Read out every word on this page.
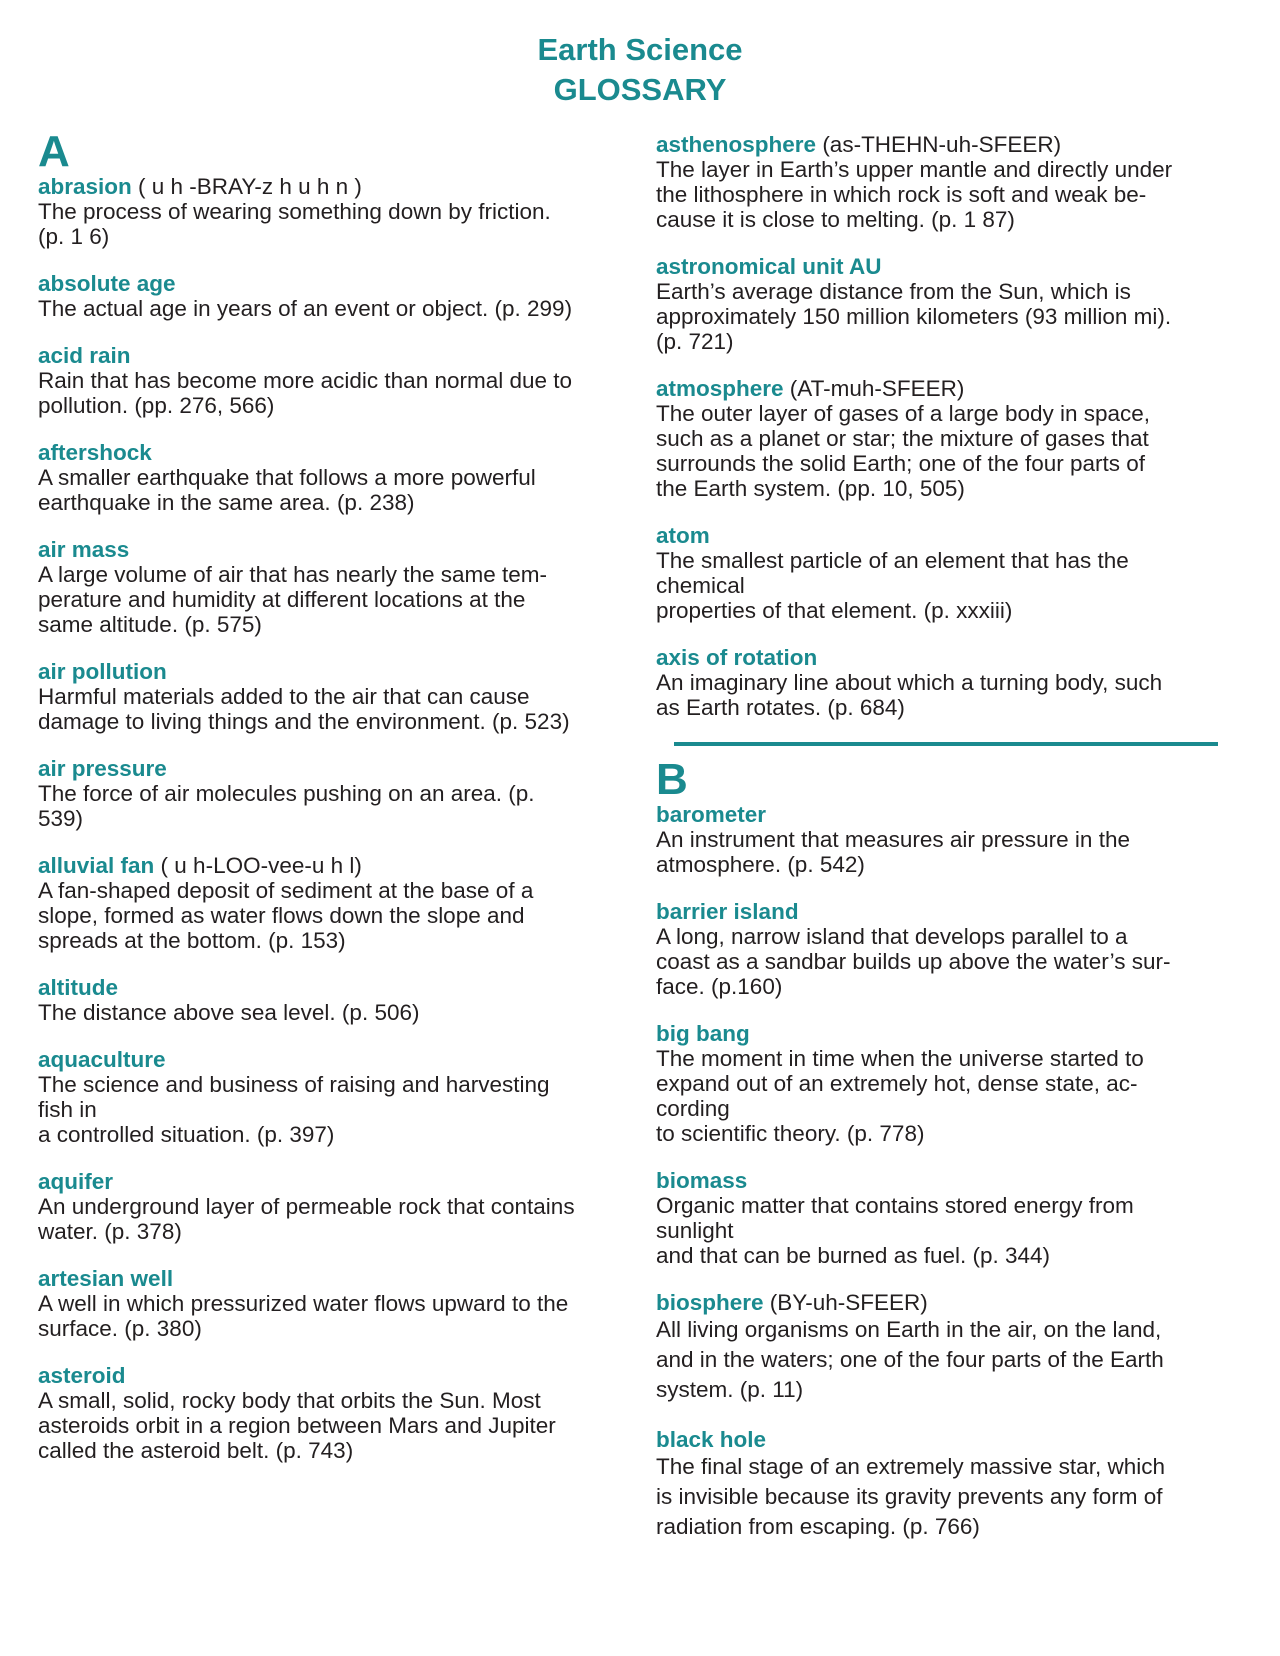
Earth Science
GLOSSARY
A
abrasion ( u h -BRAY-z h u h n )
The process of wearing something down by friction.
(p. 1 6)
absolute age
The actual age in years of an event or object. (p. 299)
acid rain
Rain that has become more acidic than normal due to
pollution. (pp. 276, 566)
aftershock
A smaller earthquake that follows a more powerful
earthquake in the same area. (p. 238)
air mass
A large volume of air that has nearly the same tem-
perature and humidity at different locations at the
same altitude. (p. 575)
air pollution
Harmful materials added to the air that can cause
damage to living things and the environment. (p. 523)
air pressure
The force of air molecules pushing on an area. (p.
539)
alluvial fan ( u h-LOO-vee-u h l)
A fan-shaped deposit of sediment at the base of a
slope, formed as water flows down the slope and
spreads at the bottom. (p. 153)
altitude
The distance above sea level. (p. 506)
aquaculture
The science and business of raising and harvesting
fish in
a controlled situation. (p. 397)
aquifer
An underground layer of permeable rock that contains
water. (p. 378)
artesian well
A well in which pressurized water flows upward to the
surface. (p. 380)
asteroid
A small, solid, rocky body that orbits the Sun. Most
asteroids orbit in a region between Mars and Jupiter
called the asteroid belt. (p. 743)
asthenosphere (as-THEHN-uh-SFEER)
The layer in Earth’s upper mantle and directly under
the lithosphere in which rock is soft and weak be-
cause it is close to melting. (p. 1 87)
astronomical unit AU
Earth’s average distance from the Sun, which is
approximately 150 million kilometers (93 million mi).
(p. 721)
atmosphere (AT-muh-SFEER)
The outer layer of gases of a large body in space,
such as a planet or star; the mixture of gases that
surrounds the solid Earth; one of the four parts of
the Earth system. (pp. 10, 505)
atom
The smallest particle of an element that has the
chemical
properties of that element. (p. xxxiii)
axis of rotation
An imaginary line about which a turning body, such
as Earth rotates. (p. 684)
B
barometer
An instrument that measures air pressure in the
atmosphere. (p. 542)
barrier island
A long, narrow island that develops parallel to a
coast as a sandbar builds up above the water’s sur-
face. (p.160)
big bang
The moment in time when the universe started to
expand out of an extremely hot, dense state, ac-
cording
to scientific theory. (p. 778)
biomass
Organic matter that contains stored energy from
sunlight
and that can be burned as fuel. (p. 344)
biosphere (BY-uh-SFEER)
All living organisms on Earth in the air, on the land,
and in the waters; one of the four parts of the Earth
system. (p. 11)
black hole
The final stage of an extremely massive star, which
is invisible because its gravity prevents any form of
radiation from escaping. (p. 766)
